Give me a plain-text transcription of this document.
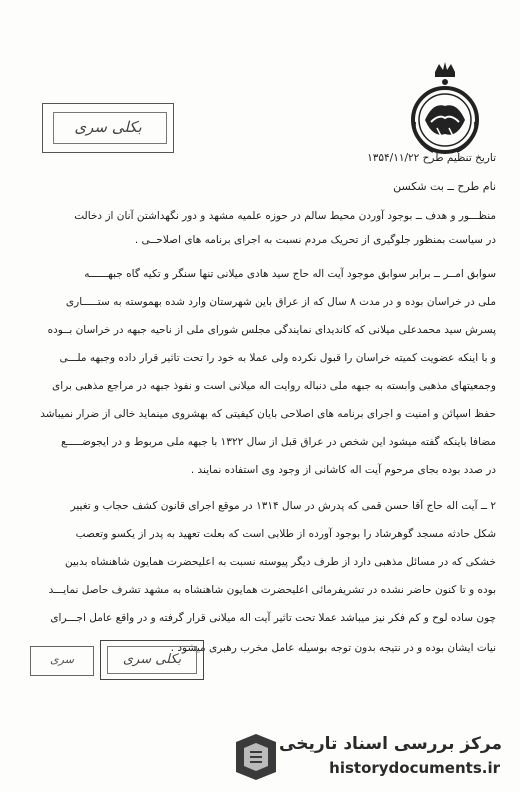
بکلی سری
تاریخ تنظیم طرح ۱۳۵۴/۱۱/۲۲
نام طرح ــ بت شکسن
منظـــور و هدف ــ بوجود آوردن محیط سالم در حوزه علمیه مشهد و دور نگهداشتن آنان از دخالت
در سیاست بمنظور جلوگیری از تحریک مردم نسبت به اجرای برنامه های اصلاحــی .
سوابق امــر ــ برابر سوابق موجود آیت اله حاج سید هادی میلانی تنها سنگر و تکیه گاه جبهــــــه
ملی در خراسان بوده و در مدت ۸ سال که از عراق باین شهرستان وارد شده بهموسته به ستـــــاری
پسرش سید محمدعلی میلانی که کاندیدای نمایندگی مجلس شورای ملی از ناحیه جبهه در خراسان بــوده
و با اینکه عضویت کمیته خراسان را قبول نکرده ولی عملا به خود را تحت تاثیر قرار داده وجبهه ملـــی
وجمعیتهای مذهبی وابسته به جبهه ملی دنباله روایت اله میلانی است و نفوذ جبهه در مراجع مذهبی برای
حفظ اسپائن و امنیت و اجرای برنامه های اصلاحی بایان کیفیتی که بهشروی مینماید خالی از ضرار نمیباشد
مضافا باینکه گفته میشود این شخص در عراق قبل از سال ۱۳۲۲ با جبهه ملی مربوط و در ایجوضـــــع
در صدد بوده بجای مرحوم آیت اله کاشانی از وجود وی استفاده نمایند .
۲ ــ آیت اله حاج آقا حسن قمی که پدرش در سال ۱۳۱۴ در موقع اجرای قانون کشف حجاب و تغییر
شکل حادثه مسجد گوهرشاد را بوجود آورده از طلابی است که بعلت تعهید به پدر از یکسو وتعصب
خشکی که در مسائل مذهبی دارد از طرف دیگر پیوسته نسبت به اعلیحضرت همایون شاهنشاه بدبین
بوده و تا کنون حاضر نشده در تشریفرمائی اعلیحضرت همایون شاهنشاه به مشهد تشرف حاصل نمایـــد
چون ساده لوح و کم فکر نیز میباشد عملا تحت تاثیر آیت اله میلانی قرار گرفته و در واقع عامل اجـــرای
نیات ایشان بوده و در نتیجه بدون توجه بوسیله عامل مخرب رهبری میشود .
سری	بکلی سری
مرکز بررسی اسناد تاریخی
historydocuments.ir
